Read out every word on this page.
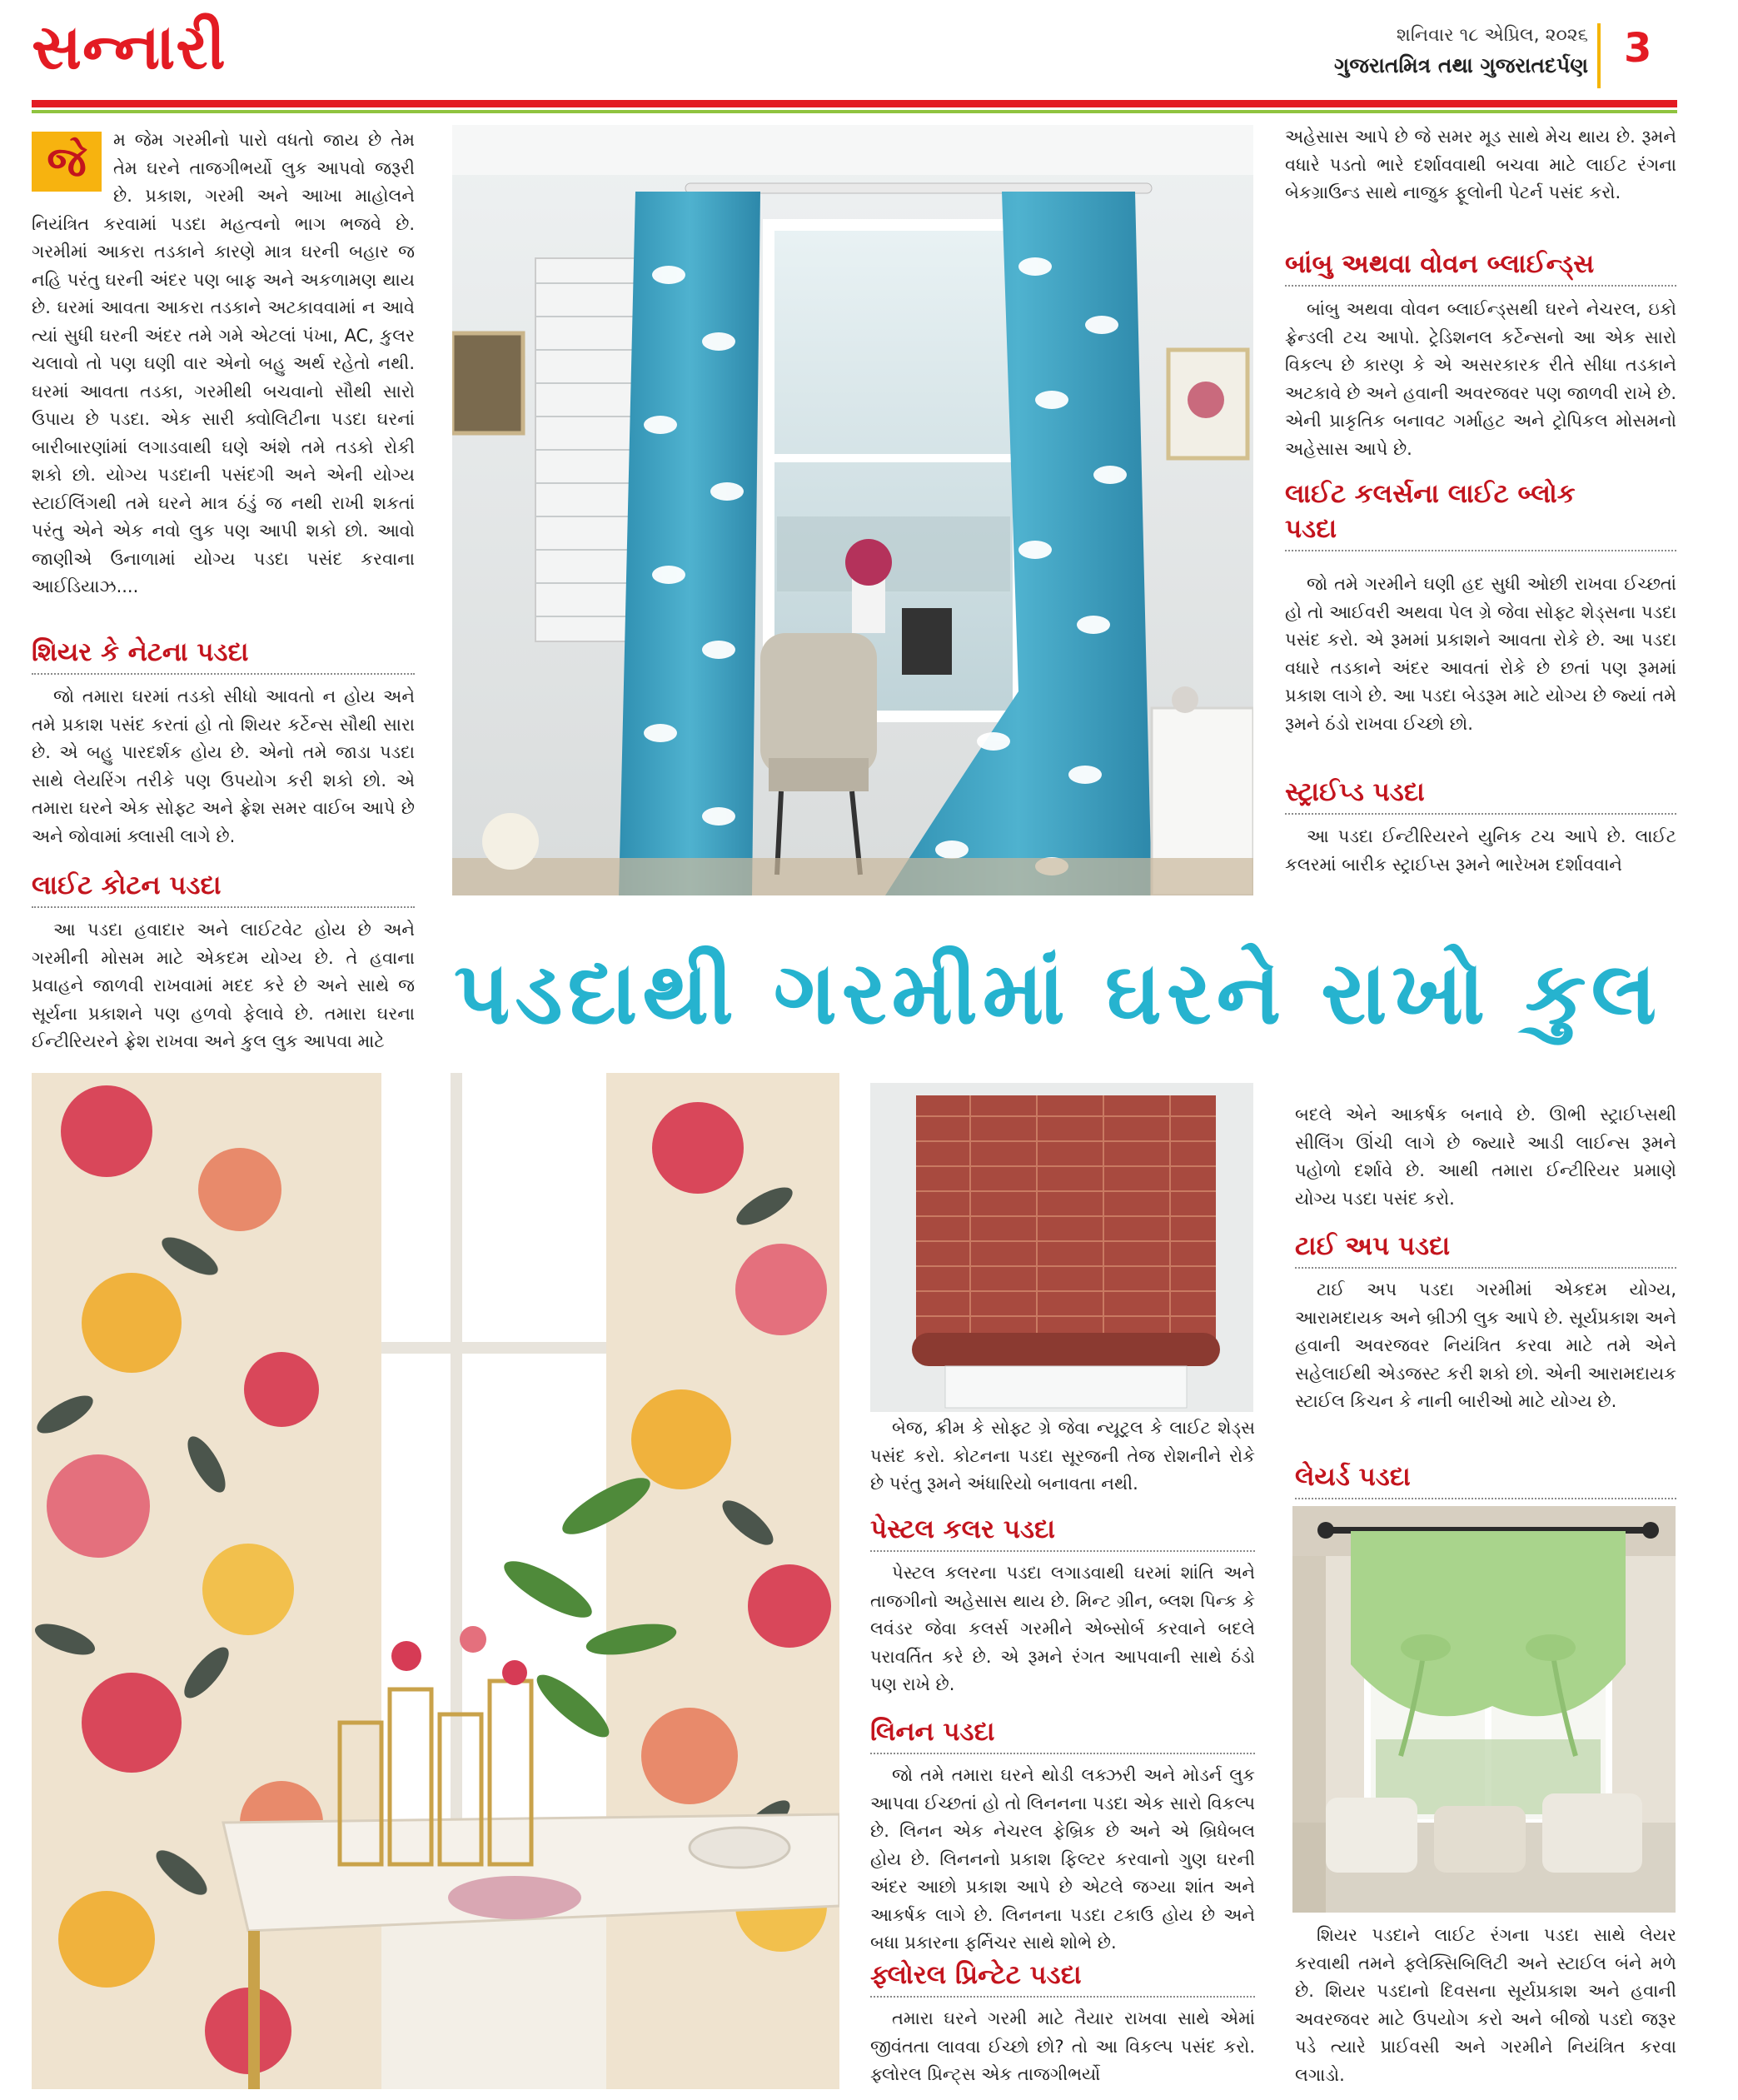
સન્નારી	શનિવાર ૧૮ એપ્રિલ, ૨૦૨૬
ગુજરાતમિત્ર તથા ગુજરાતદર્પણ 3
જે	મ જેમ ગરમીનો પારો વધતો જાય છે તેમ તેમ ઘરને તાજગીભર્યો લુક આપવો જરૂરી છે. પ્રકાશ, ગરમી અને આખા માહોલને નિયંત્રિત કરવામાં પડદા મહત્વનો ભાગ ભજવે છે. ગરમીમાં આકરા તડકાને કારણે માત્ર ઘરની બહાર જ નહિ પરંતુ ઘરની અંદર પણ બાફ અને અકળામણ થાય છે. ઘરમાં આવતા આકરા તડકાને અટકાવવામાં ન આવે ત્યાં સુધી ઘરની અંદર તમે ગમે એટલાં પંખા, AC, કુલર ચલાવો તો પણ ઘણી વાર એનો બહુ અર્થ રહેતો નથી. ઘરમાં આવતા તડકા, ગરમીથી બચવાનો સૌથી સારો ઉપાય છે પડદા. એક સારી ક્વોલિટીના પડદા ઘરનાં બારીબારણાંમાં લગાડવાથી ઘણે અંશે તમે તડકો રોકી શકો છો. યોગ્ય પડદાની પસંદગી અને એની યોગ્ય સ્ટાઈલિંગથી તમે ઘરને માત્ર ઠંડું જ નથી રાખી શકતાં પરંતુ એને એક નવો લુક પણ આપી શકો છો. આવો જાણીએ ઉનાળામાં યોગ્ય પડદા પસંદ કરવાના આઈડિયાઝ....
શિયર કે નેટના પડદા

જો તમારા ઘરમાં તડકો સીધો આવતો ન હોય અને તમે પ્રકાશ પસંદ કરતાં હો તો શિયર કર્ટેન્સ સૌથી સારા છે. એ બહુ પારદર્શક હોય છે. એનો તમે જાડા પડદા સાથે લેયરિંગ તરીકે પણ ઉપયોગ કરી શકો છો. એ તમારા ઘરને એક સોફ્ટ અને ફ્રેશ સમર વાઈબ આપે છે અને જોવામાં ક્લાસી લાગે છે.

લાઈટ કોટન પડદા

આ પડદા હવાદાર અને લાઈટવેટ હોય છે અને ગરમીની મોસમ માટે એકદમ યોગ્ય છે. તે હવાના પ્રવાહને જાળવી રાખવામાં મદદ કરે છે અને સાથે જ સૂર્યના પ્રકાશને પણ હળવો ફેલાવે છે. તમારા ઘરના ઈન્ટીરિયરને ફ્રેશ રાખવા અને કુલ લુક આપવા માટે

અહેસાસ આપે છે જે સમર મૂડ સાથે મેચ થાય છે. રૂમને વધારે પડતો ભારે દર્શાવવાથી બચવા માટે લાઈટ રંગના બેકગ્રાઉન્ડ સાથે નાજુક ફૂલોની પેટર્ન પસંદ કરો.

બાંબુ અથવા વોવન બ્લાઈન્ડ્સ

બાંબુ અથવા વોવન બ્લાઈન્ડ્સથી ઘરને નેચરલ, ઇકો ફ્રેન્ડલી ટચ આપો. ટ્રેડિશનલ કર્ટેન્સનો આ એક સારો વિકલ્પ છે કારણ કે એ અસરકારક રીતે સીધા તડકાને અટકાવે છે અને હવાની અવરજવર પણ જાળવી રાખે છે. એની પ્રાકૃતિક બનાવટ ગર્માહટ અને ટ્રોપિકલ મોસમનો અહેસાસ આપે છે.

લાઈટ કલર્સના લાઈટ બ્લોક
પડદા

જો તમે ગરમીને ઘણી હદ સુધી ઓછી રાખવા ઈચ્છતાં હો તો આઈવરી અથવા પેલ ગ્રે જેવા સોફ્ટ શેડ્સના પડદા પસંદ કરો. એ રૂમમાં પ્રકાશને આવતા રોકે છે. આ પડદા વધારે તડકાને અંદર આવતાં રોકે છે છતાં પણ રૂમમાં પ્રકાશ લાગે છે. આ પડદા બેડરૂમ માટે યોગ્ય છે જ્યાં તમે રૂમને ઠંડો રાખવા ઈચ્છો છો.

સ્ટ્રાઈપ્ડ પડદા

આ પડદા ઈન્ટીરિયરને યુનિક ટચ આપે છે. લાઈટ કલરમાં બારીક સ્ટ્રાઈપ્સ રૂમને ભારેખમ દર્શાવવાને

પડદાથી ગરમીમાં ઘરને રાખો કુલ

બેજ, ક્રીમ કે સોફ્ટ ગ્રે જેવા ન્યૂટ્રલ કે લાઈટ શેડ્સ પસંદ કરો. કોટનના પડદા સૂરજની તેજ રોશનીને રોકે છે પરંતુ રૂમને અંધારિયો બનાવતા નથી.

પેસ્ટલ કલર પડદા

પેસ્ટલ કલરના પડદા લગાડવાથી ઘરમાં શાંતિ અને તાજગીનો અહેસાસ થાય છે. મિન્ટ ગ્રીન, બ્લશ પિન્ક કે લવંડર જેવા કલર્સ ગરમીને એબ્સોર્બ કરવાને બદલે પરાવર્તિત કરે છે. એ રૂમને રંગત આપવાની સાથે ઠંડો પણ રાખે છે.

લિનન પડદા

જો તમે તમારા ઘરને થોડી લક્ઝરી અને મોડર્ન લુક આપવા ઈચ્છતાં હો તો લિનનના પડદા એક સારો વિકલ્પ છે. લિનન એક નેચરલ ફેબ્રિક છે અને એ બ્રિધેબલ હોય છે. લિનનનો પ્રકાશ ફિલ્ટર કરવાનો ગુણ ઘરની અંદર આછો પ્રકાશ આપે છે એટલે જગ્યા શાંત અને આકર્ષક લાગે છે. લિનનના પડદા ટકાઉ હોય છે અને બધા પ્રકારના ફર્નિચર સાથે શોભે છે.

ફ્લોરલ પ્રિન્ટેટ પડદા

તમારા ઘરને ગરમી માટે તૈયાર રાખવા સાથે એમાં જીવંતતા લાવવા ઈચ્છો છો? તો આ વિકલ્પ પસંદ કરો. ફ્લોરલ પ્રિન્ટ્સ એક તાજગીભર્યો

બદલે એને આકર્ષક બનાવે છે. ઊભી સ્ટ્રાઈપ્સથી સીલિંગ ઊંચી લાગે છે જ્યારે આડી લાઈન્સ રૂમને પહોળો દર્શાવે છે. આથી તમારા ઈન્ટીરિયર પ્રમાણે યોગ્ય પડદા પસંદ કરો.

ટાઈ અપ પડદા

ટાઈ અપ પડદા ગરમીમાં એકદમ યોગ્ય, આરામદાયક અને બ્રીઝી લુક આપે છે. સૂર્યપ્રકાશ અને હવાની અવરજવર નિયંત્રિત કરવા માટે તમે એને સહેલાઈથી એડજસ્ટ કરી શકો છો. એની આરામદાયક સ્ટાઈલ કિચન કે નાની બારીઓ માટે યોગ્ય છે.

લેયર્ડ પડદા

શિયર પડદાને લાઈટ રંગના પડદા સાથે લેયર કરવાથી તમને ફ્લેક્સિબિલિટી અને સ્ટાઈલ બંને મળે છે. શિયર પડદાનો દિવસના સૂર્યપ્રકાશ અને હવાની અવરજવર માટે ઉપયોગ કરો અને બીજો પડદો જરૂર પડે ત્યારે પ્રાઈવસી અને ગરમીને નિયંત્રિત કરવા લગાડો.
